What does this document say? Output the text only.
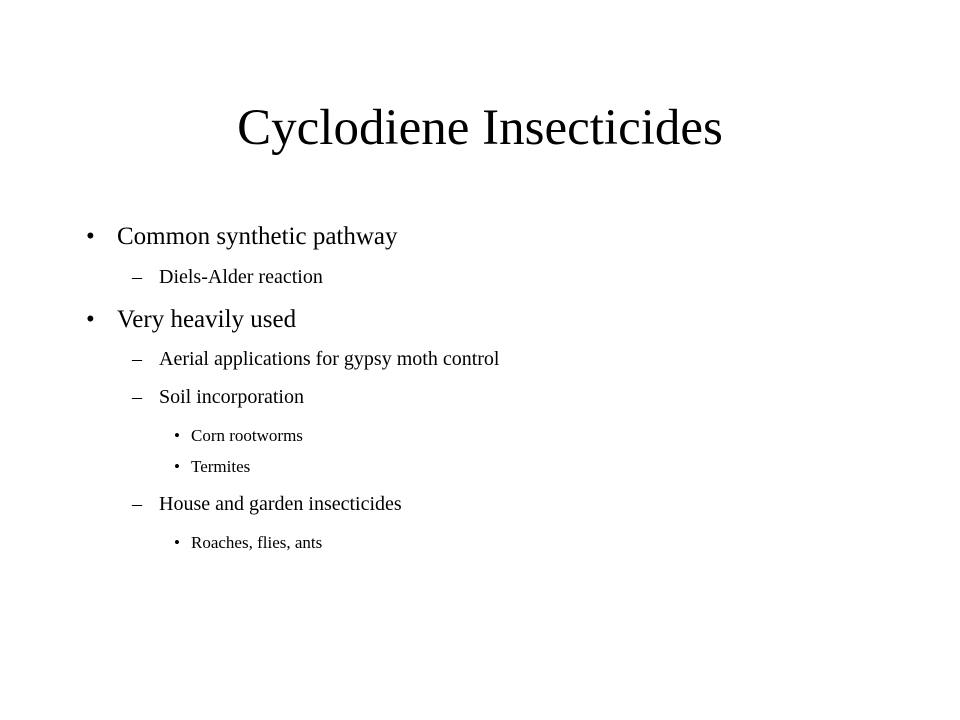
Cyclodiene Insecticides
• Common synthetic pathway
– Diels-Alder reaction
• Very heavily used
– Aerial applications for gypsy moth control
– Soil incorporation
• Corn rootworms
• Termites
– House and garden insecticides
• Roaches, flies, ants
